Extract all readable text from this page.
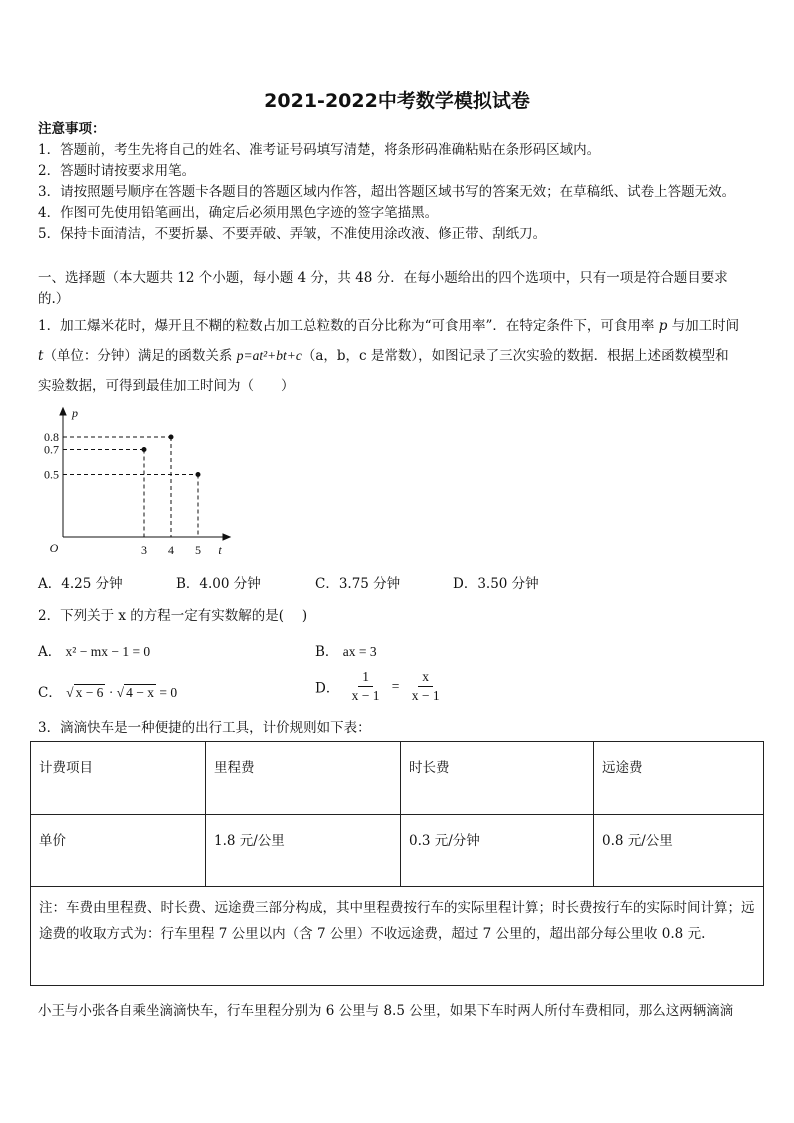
2021-2022中考数学模拟试卷
注意事项：
1．答题前，考生先将自己的姓名、准考证号码填写清楚，将条形码准确粘贴在条形码区域内。
2．答题时请按要求用笔。
3．请按照题号顺序在答题卡各题目的答题区域内作答，超出答题区域书写的答案无效；在草稿纸、试卷上答题无效。
4．作图可先使用铅笔画出，确定后必须用黑色字迹的签字笔描黑。
5．保持卡面清洁，不要折暴、不要弄破、弄皱，不准使用涂改液、修正带、刮纸刀。
一、选择题（本大题共 12 个小题，每小题 4 分，共 48 分．在每小题给出的四个选项中，只有一项是符合题目要求
的.）
1．加工爆米花时，爆开且不糊的粒数占加工总粒数的百分比称为“可食用率”．在特定条件下，可食用率 p 与加工时间
t（单位：分钟）满足的函数关系 p=at²+bt+c（a，b，c 是常数），如图记录了三次实验的数据．根据上述函数模型和
实验数据，可得到最佳加工时间为（　　）
O	t
p
3 4 5
0.8
0.7
0.5
A．4.25 分钟	B．4.00 分钟	C．3.75 分钟	D．3.50 分钟
2．下列关于 x 的方程一定有实数解的是(　 )
A． x² − mx − 1 = 0	B． ax = 3
C． √ x − 6 · √ 4 − x = 0	D． $\frac{1}{x - 1} = \frac{x}{x - 1}$
3．滴滴快车是一种便捷的出行工具，计价规则如下表：
计费项目	里程费	时长费	远途费
单价	1.8 元/公里	0.3 元/分钟	0.8 元/公里
注：车费由里程费、时长费、远途费三部分构成，其中里程费按行车的实际里程计算；时长费按行车的实际时间计算；远途费的收取方式为：行车里程 7 公里以内（含 7 公里）不收远途费，超过 7 公里的，超出部分每公里收 0.8 元.			
小王与小张各自乘坐滴滴快车，行车里程分别为 6 公里与 8.5 公里，如果下车时两人所付车费相同，那么这两辆滴滴
